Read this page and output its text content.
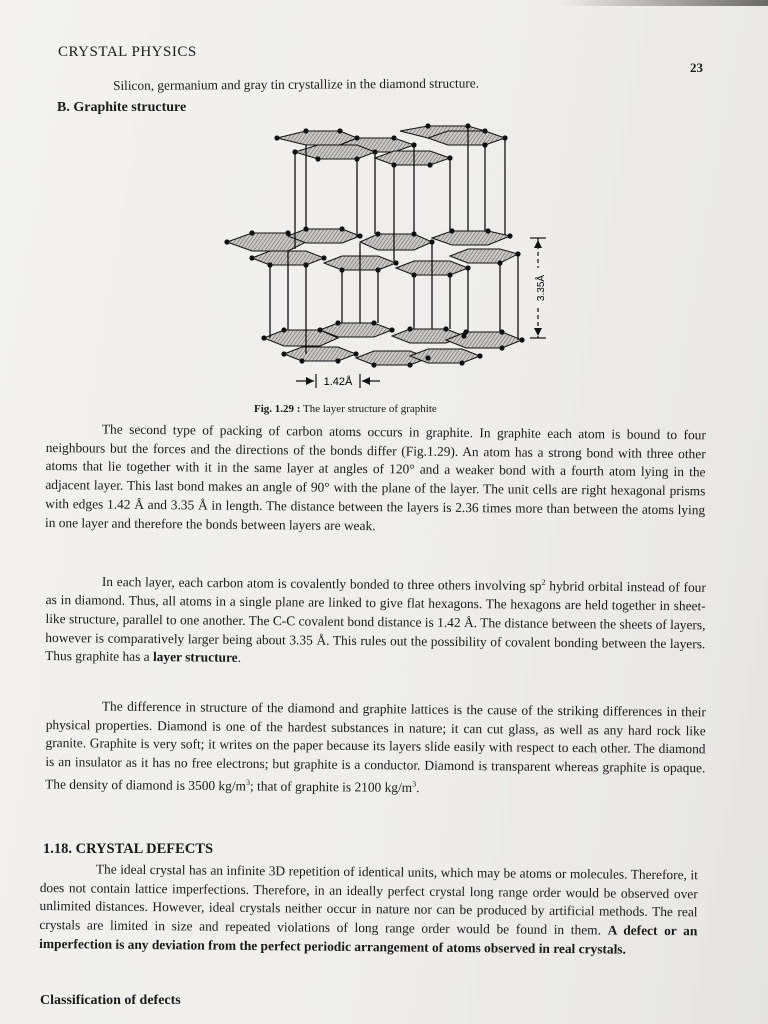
CRYSTAL PHYSICS
23
Silicon, germanium and gray tin crystallize in the diamond structure.
B. Graphite structure
3.35Å
1.42Å
Fig. 1.29 : The layer structure of graphite
The second type of packing of carbon atoms occurs in graphite. In graphite each atom is bound to four neighbours but the forces and the directions of the bonds differ (Fig.1.29). An atom has a strong bond with three other atoms that lie together with it in the same layer at angles of 120° and a weaker bond with a fourth atom lying in the adjacent layer. This last bond makes an angle of 90° with the plane of the layer. The unit cells are right hexagonal prisms with edges 1.42 Å and 3.35 Å in length. The distance between the layers is 2.36 times more than between the atoms lying in one layer and therefore the bonds between layers are weak.
In each layer, each carbon atom is covalently bonded to three others involving $sp^2$ hybrid orbital instead of four as in diamond. Thus, all atoms in a single plane are linked to give flat hexagons. The hexagons are held together in sheet-like structure, parallel to one another. The C-C covalent bond distance is 1.42 Å. The distance between the sheets of layers, however is comparatively larger being about 3.35 Å. This rules out the possibility of covalent bonding between the layers. Thus graphite has a layer structure.
The difference in structure of the diamond and graphite lattices is the cause of the striking differences in their physical properties. Diamond is one of the hardest substances in nature; it can cut glass, as well as any hard rock like granite. Graphite is very soft; it writes on the paper because its layers slide easily with respect to each other. The diamond is an insulator as it has no free electrons; but graphite is a conductor. Diamond is transparent whereas graphite is opaque. The density of diamond is 3500 $kg/m^3$; that of graphite is 2100 $kg/m^3$.
1.18. CRYSTAL DEFECTS
The ideal crystal has an infinite 3D repetition of identical units, which may be atoms or molecules. Therefore, it does not contain lattice imperfections. Therefore, in an ideally perfect crystal long range order would be observed over unlimited distances. However, ideal crystals neither occur in nature nor can be produced by artificial methods. The real crystals are limited in size and repeated violations of long range order would be found in them. A defect or an imperfection is any deviation from the perfect periodic arrangement of atoms observed in real crystals.
Classification of defects
